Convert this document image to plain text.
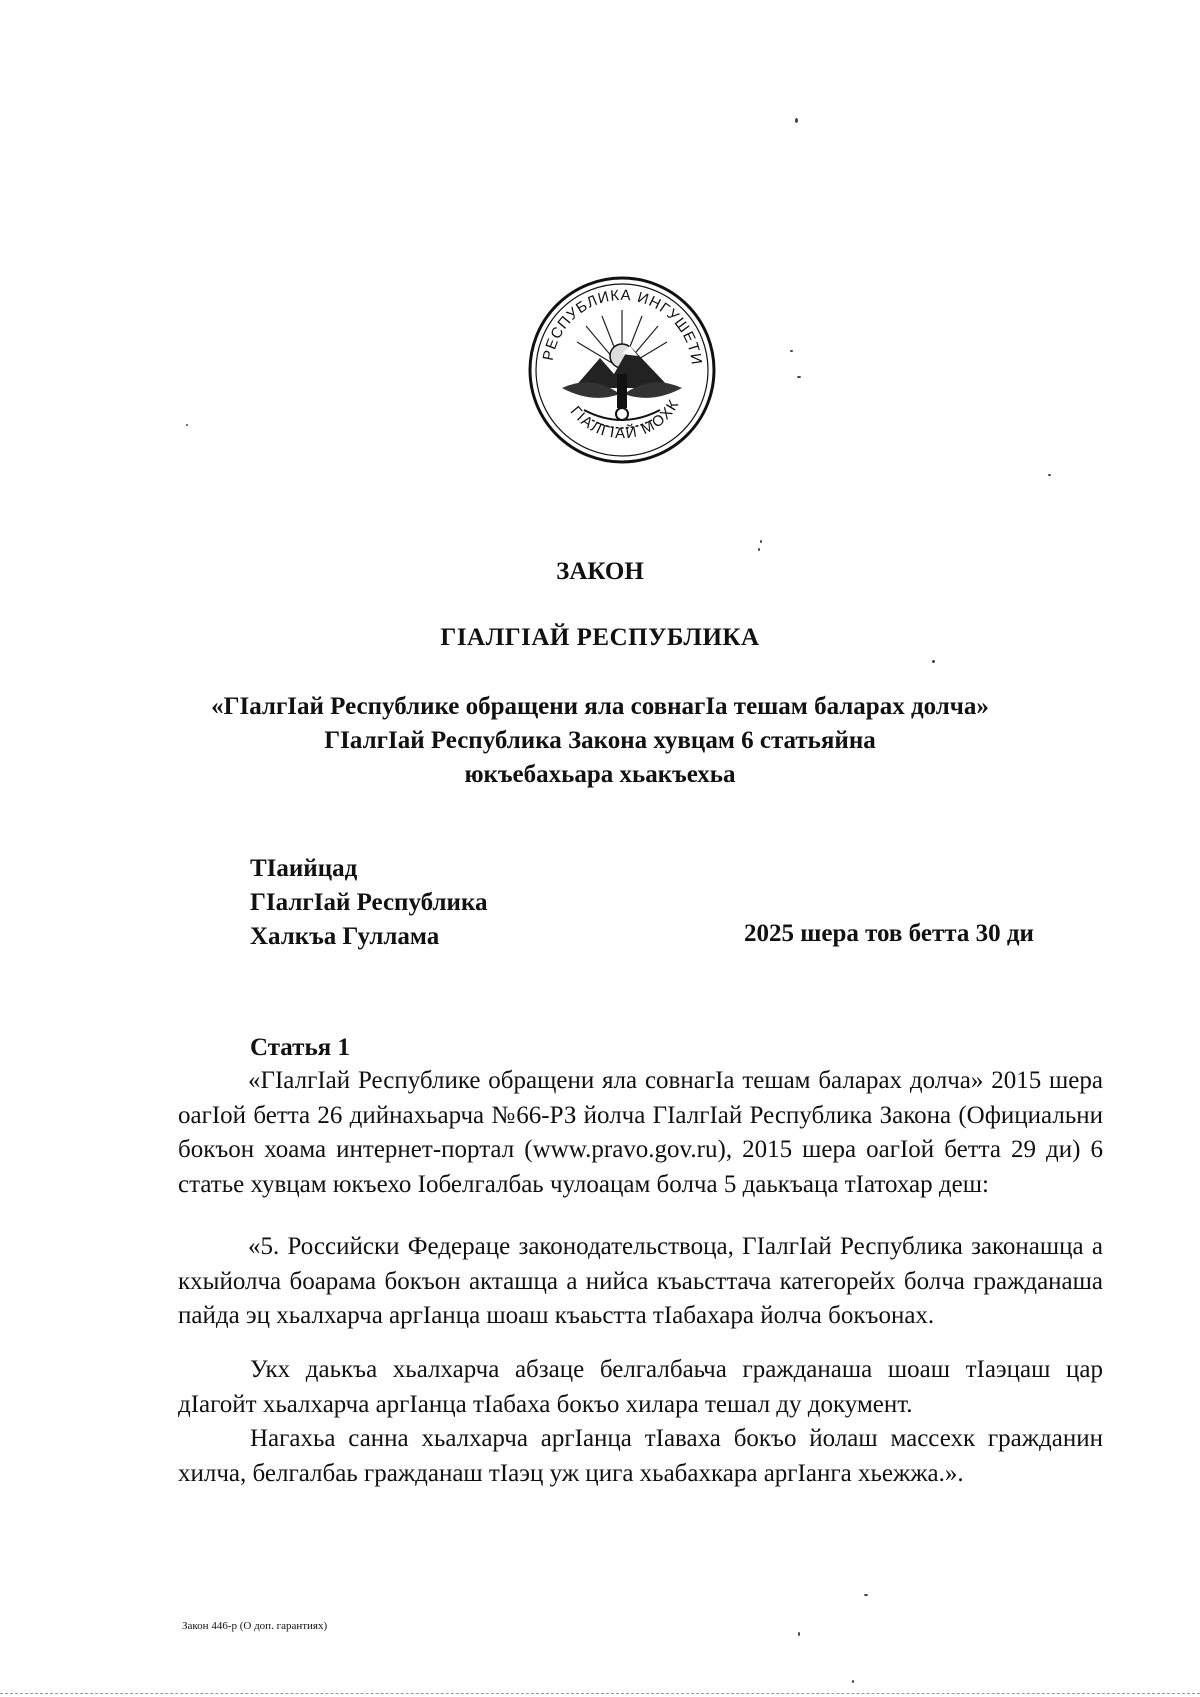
РЕСПУБЛИКА ИНГУШЕТИ
ГIАЛГIАЙ МОХК
ЗАКОН
ГIАЛГIАЙ РЕСПУБЛИКА
«ГIалгIай Республике обращени яла совнагIа тешам баларах долча»
ГIалгIай Республика Закона хувцам 6 статьяйна
юкъебахьара хьакъехьа
ТIаийцад
ГIалгIай Республика
Халкъа Гуллама	2025 шера тов бетта 30 ди
Статья 1
«ГIалгIай Республике обращени яла совнагIа тешам баларах долча» 2015 шера оагIой бетта 26 дийнахьарча №66-РЗ йолча ГIалгIай Республика Закона (Официальни бокъон хоама интернет-портал (www.pravo.gov.ru), 2015 шера оагIой бетта 29 ди) 6 статье хувцам юкъехо Iобелгалбаь чулоацам болча 5 даькъаца тIатохар деш:
«5. Российски Федераце законодательствоца, ГIалгIай Республика законашца а кхыйолча боарама бокъон акташца а нийса къаьсттача категорейх болча гражданаша пайда эц хьалхарча аргIанца шоаш къаьстта тIабахара йолча бокъонах.
Укх даькъа хьалхарча абзаце белгалбаьча гражданаша шоаш тIаэцаш цар дIагойт хьалхарча аргIанца тIабаха бокъо хилара тешал ду документ.
Нагахьа санна хьалхарча аргIанца тIаваха бокъо йолаш массехк гражданин хилча, белгалбаь гражданаш тIаэц уж цига хьабахкара аргIанга хьежжа.».
Закон 446-р (О доп. гарантиях)
